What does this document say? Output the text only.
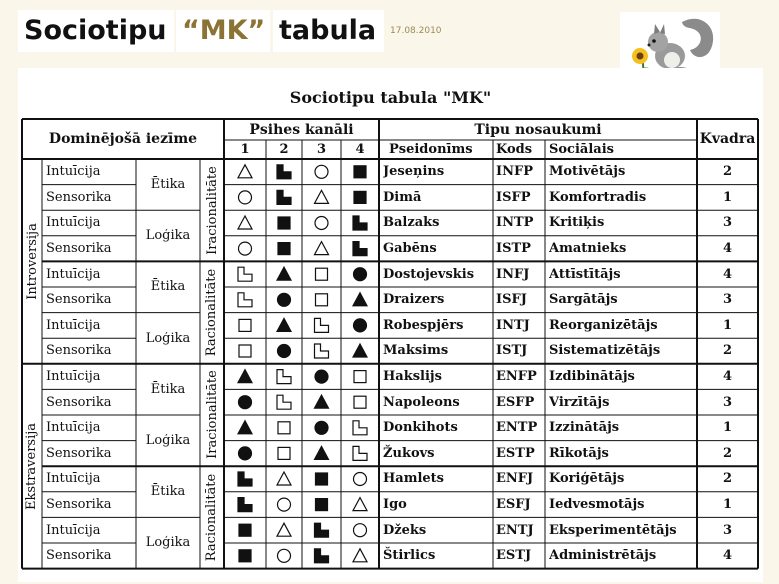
Sociotipu “MK” tabula	17.08.2010
Sociotipu tabula "MK"
Dominējošā iezīme
Psihes kanāli
1	2	3	4
Tipu nosaukumi
Pseidonīms	Kods	Sociālais
Kvadra
Introversija
Ekstraversija
Iracionalitāte
Racionalitāte
Iracionalitāte
Racionalitāte
Ētika
Loģika
Ētika
Loģika
Ētika
Loģika
Ētika
Loģika
Intuīcija	Jeseņins	INFP	Motivētājs	2
Sensorika	Dimā	ISFP	Komfortradis	1
Intuīcija	Balzaks	INTP	Kritiķis	3
Sensorika	Gabēns	ISTP	Amatnieks	4
Intuīcija	Dostojevskis	INFJ	Attīstītājs	4
Sensorika	Draizers	ISFJ	Sargātājs	3
Intuīcija	Robespjērs	INTJ	Reorganizētājs	1
Sensorika	Maksims	ISTJ	Sistematizētājs	2
Intuīcija	Hakslijs	ENFP Izdibinātājs	4
Sensorika	Napoleons	ESFP	Virzītājs	3
Intuīcija	Donkihots	ENTP Izzinātājs	1
Sensorika	Žukovs	ESTP	Rīkotājs	2
Intuīcija	Hamlets	ENFJ	Koriģētājs	2
Sensorika	Igo	ESFJ	Iedvesmotājs	1
Intuīcija	Džeks	ENTJ	Eksperimentētājs	3
Sensorika	Štirlics	ESTJ	Administrētājs	4
